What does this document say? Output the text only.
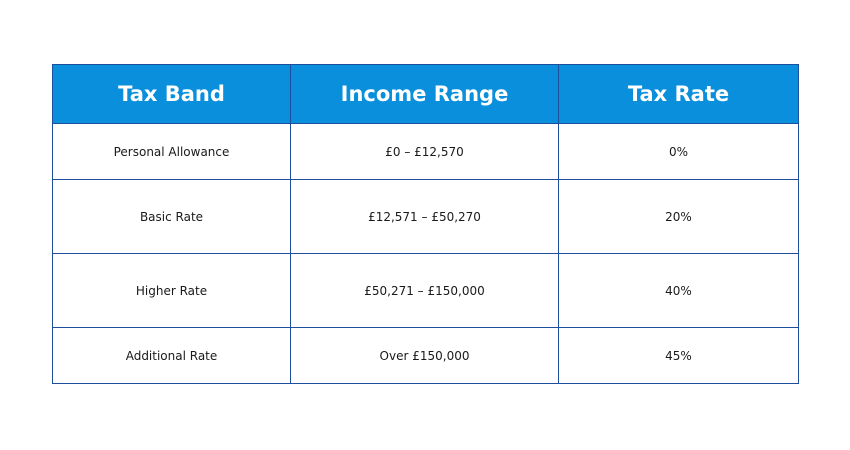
Tax Band	Income Range	Tax Rate
Personal Allowance	£0 – £12,570	0%
Basic Rate	£12,571 – £50,270	20%
Higher Rate	£50,271 – £150,000	40%
Additional Rate	Over £150,000	45%
